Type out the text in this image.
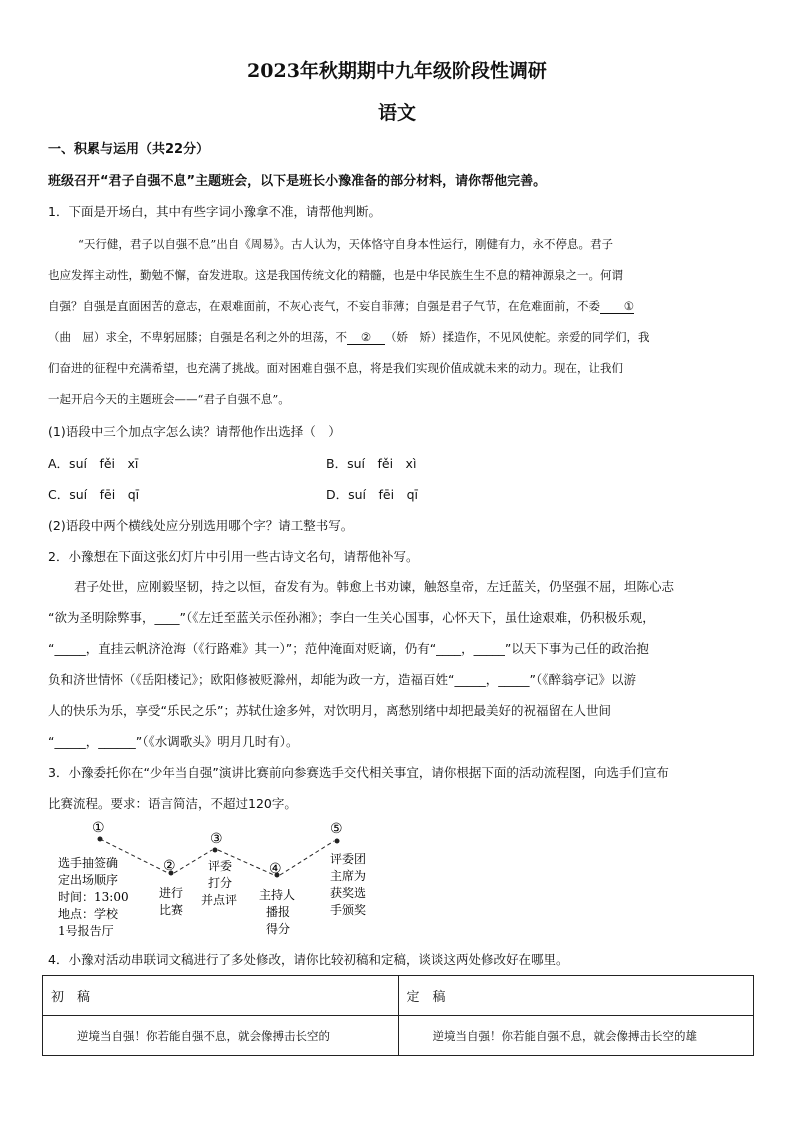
2023年秋期期中九年级阶段性调研
语文
一、积累与运用（共22分）
班级召开“君子自强不息”主题班会，以下是班长小豫准备的部分材料，请你帮他完善。
1．下面是开场白，其中有些字词小豫拿不准，请帮他判断。
“天行健，君子以自强不息”出自《周易》。古人认为，天体恪守自身本性运行，刚健有力，永不停息。君子
也应发挥主动性，勤勉不懈，奋发进取。这是我国传统文化的精髓，也是中华民族生生不息的精神源泉之一。何谓
自强？自强是直面困苦的意志，在艰难面前，不灰心丧气，不妄自菲薄；自强是君子气节，在危难面前，不委 ①
（曲　屈）求全，不卑躬屈膝；自强是名利之外的坦荡，不 ② （娇　矫）揉造作，不见风使舵。亲爱的同学们，我
们奋进的征程中充满希望，也充满了挑战。面对困难自强不息，将是我们实现价值成就未来的动力。现在，让我们
一起开启今天的主题班会——“君子自强不息”。
(1)语段中三个加点字怎么读？请帮他作出选择（　）
A．suí　fěi　xī	B．suí　fěi　xì
C．suí　fēi　qī	D．suí　fēi　qī
(2)语段中两个横线处应分别选用哪个字？请工整书写。
2．小豫想在下面这张幻灯片中引用一些古诗文名句，请帮他补写。
君子处世，应刚毅坚韧，持之以恒，奋发有为。韩愈上书劝谏，触怒皇帝，左迁蓝关，仍坚强不屈，坦陈心志
“欲为圣明除弊事，____”（《左迁至蓝关示侄孙湘》；李白一生关心国事，心怀天下，虽仕途艰难，仍积极乐观，
“_____，直挂云帆济沧海（《行路难》其一）”；范仲淹面对贬谪，仍有“____，_____”以天下事为己任的政治抱
负和济世情怀（《岳阳楼记》；欧阳修被贬滁州，却能为政一方，造福百姓“_____，_____”（《醉翁亭记》以游
人的快乐为乐，享受“乐民之乐”；苏轼仕途多舛，对饮明月，离愁别绪中却把最美好的祝福留在人世间
“_____，______”（《水调歌头》明月几时有）。
3．小豫委托你在“少年当自强”演讲比赛前向参赛选手交代相关事宜，请你根据下面的活动流程图，向选手们宣布
比赛流程。要求：语言简洁，不超过120字。
①
②
③
④
⑤
选手抽签确
定出场顺序
时间：13:00
地点：学校
1号报告厅
进行
比赛
评委
打分
并点评 主持人
播报
得分
评委团
主席为
获奖选
手颁奖
4．小豫对活动串联词文稿进行了多处修改，请你比较初稿和定稿，谈谈这两处修改好在哪里。
初　稿	定　稿
逆境当自强！你若能自强不息，就会像搏击长空的	逆境当自强！你若能自强不息，就会像搏击长空的雄
